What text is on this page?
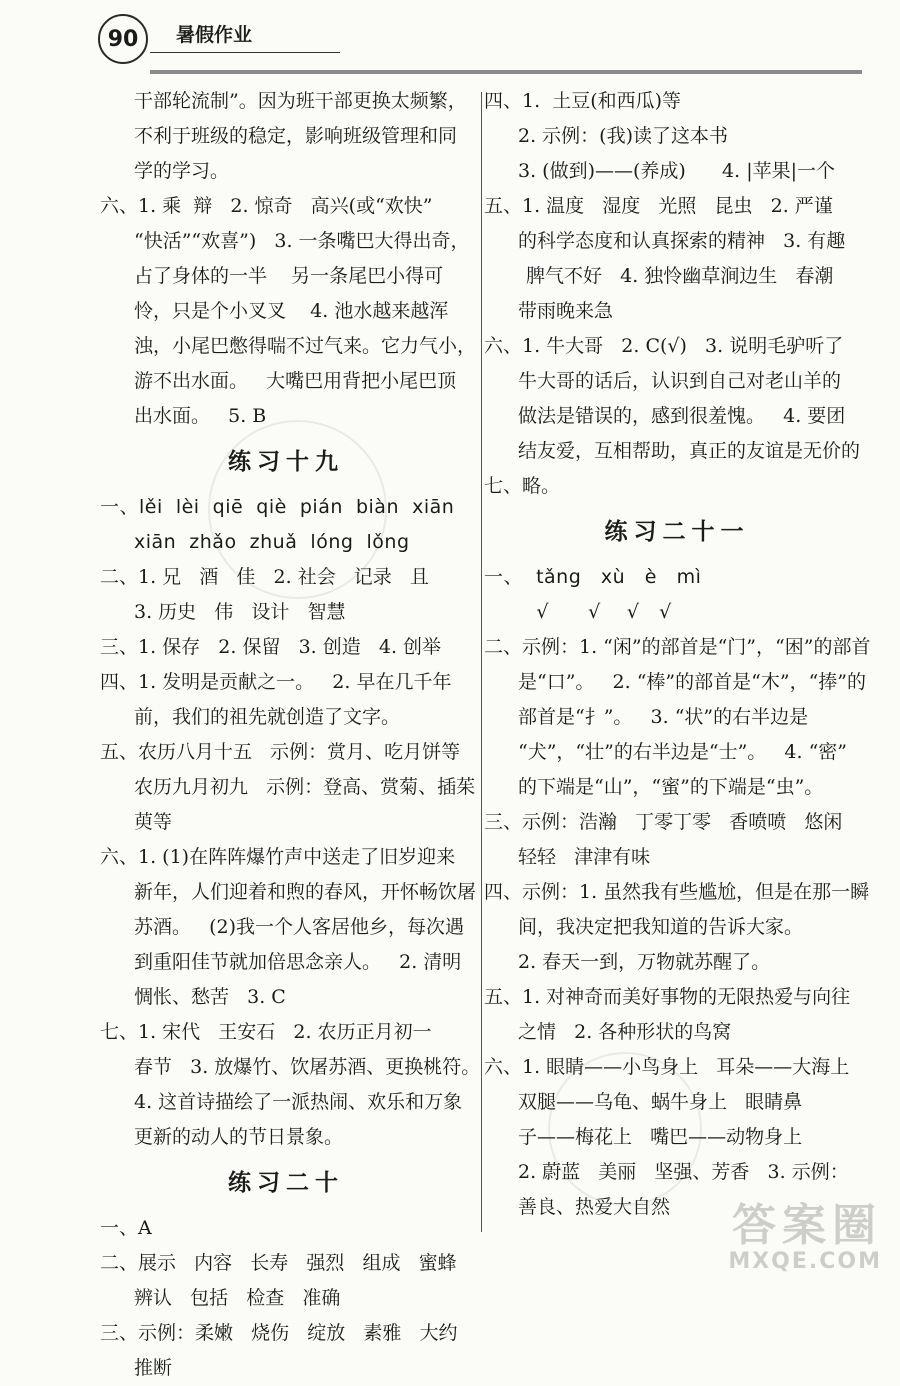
90	暑假作业
干部轮流制”。因为班干部更换太频繁，
不利于班级的稳定，影响班级管理和同
学的学习。
六、1. 乘  辩   2. 惊奇   高兴(或“欢快”
“快活”“欢喜”)   3. 一条嘴巴大得出奇，
占了身体的一半    另一条尾巴小得可
怜，只是个小叉叉    4. 池水越来越浑
浊，小尾巴憋得喘不过气来。它力气小，
游不出水面。   大嘴巴用背把小尾巴顶
出水面。   5. B
练习十九
一、lěi  lèi  qiē  qiè  pián  biàn  xiān
xiān  zhǎo  zhuǎ  lóng  lǒng
二、1. 兄   酒   佳   2. 社会   记录   且
3. 历史   伟   设计   智慧
三、1. 保存   2. 保留   3. 创造   4. 创举
四、1. 发明是贡献之一。   2. 早在几千年
前，我们的祖先就创造了文字。
五、农历八月十五   示例：赏月、吃月饼等
农历九月初九   示例：登高、赏菊、插茱
萸等
六、1. (1)在阵阵爆竹声中送走了旧岁迎来
新年，人们迎着和煦的春风，开怀畅饮屠
苏酒。   (2)我一个人客居他乡，每次遇
到重阳佳节就加倍思念亲人。   2. 清明
惆怅、愁苦   3. C
七、1. 宋代   王安石   2. 农历正月初一
春节   3. 放爆竹、饮屠苏酒、更换桃符。
4. 这首诗描绘了一派热闹、欢乐和万象
更新的动人的节日景象。
练习二十
一、A
二、展示   内容   长寿   强烈   组成   蜜蜂
辨认   包括   检查   准确
三、示例：柔嫩   烧伤   绽放   素雅   大约
推断
四、1.  土豆(和西瓜)等
2. 示例：(我)读了这本书
3. (做到)——(养成)      4. |苹果|一个
五、1. 温度   湿度   光照   昆虫   2. 严谨
的科学态度和认真探索的精神   3. 有趣
脾气不好   4. 独怜幽草涧边生   春潮
带雨晚来急
六、1. 牛大哥   2. C(√)   3. 说明毛驴听了
牛大哥的话后，认识到自己对老山羊的
做法是错误的，感到很羞愧。   4. 要团
结友爱，互相帮助，真正的友谊是无价的
七、略。
练习二十一
一、  tǎng   xù   è   mì
√      √    √   √
二、示例：1. “闲”的部首是“门”，“困”的部首
是“口”。   2. “棒”的部首是“木”，“捧”的
部首是“扌”。   3. “状”的右半边是
“犬”，“壮”的右半边是“士”。   4. “密”
的下端是“山”，“蜜”的下端是“虫”。
三、示例：浩瀚   丁零丁零   香喷喷   悠闲
轻轻   津津有味
四、示例：1. 虽然我有些尴尬，但是在那一瞬
间，我决定把我知道的告诉大家。
2. 春天一到，万物就苏醒了。
五、1. 对神奇而美好事物的无限热爱与向往
之情   2. 各种形状的鸟窝
六、1. 眼睛——小鸟身上   耳朵——大海上
双腿——乌龟、蜗牛身上   眼睛鼻
子——梅花上   嘴巴——动物身上
2. 蔚蓝   美丽   坚强、芳香   3. 示例：
善良、热爱大自然	答案圈
MXQE.COM
